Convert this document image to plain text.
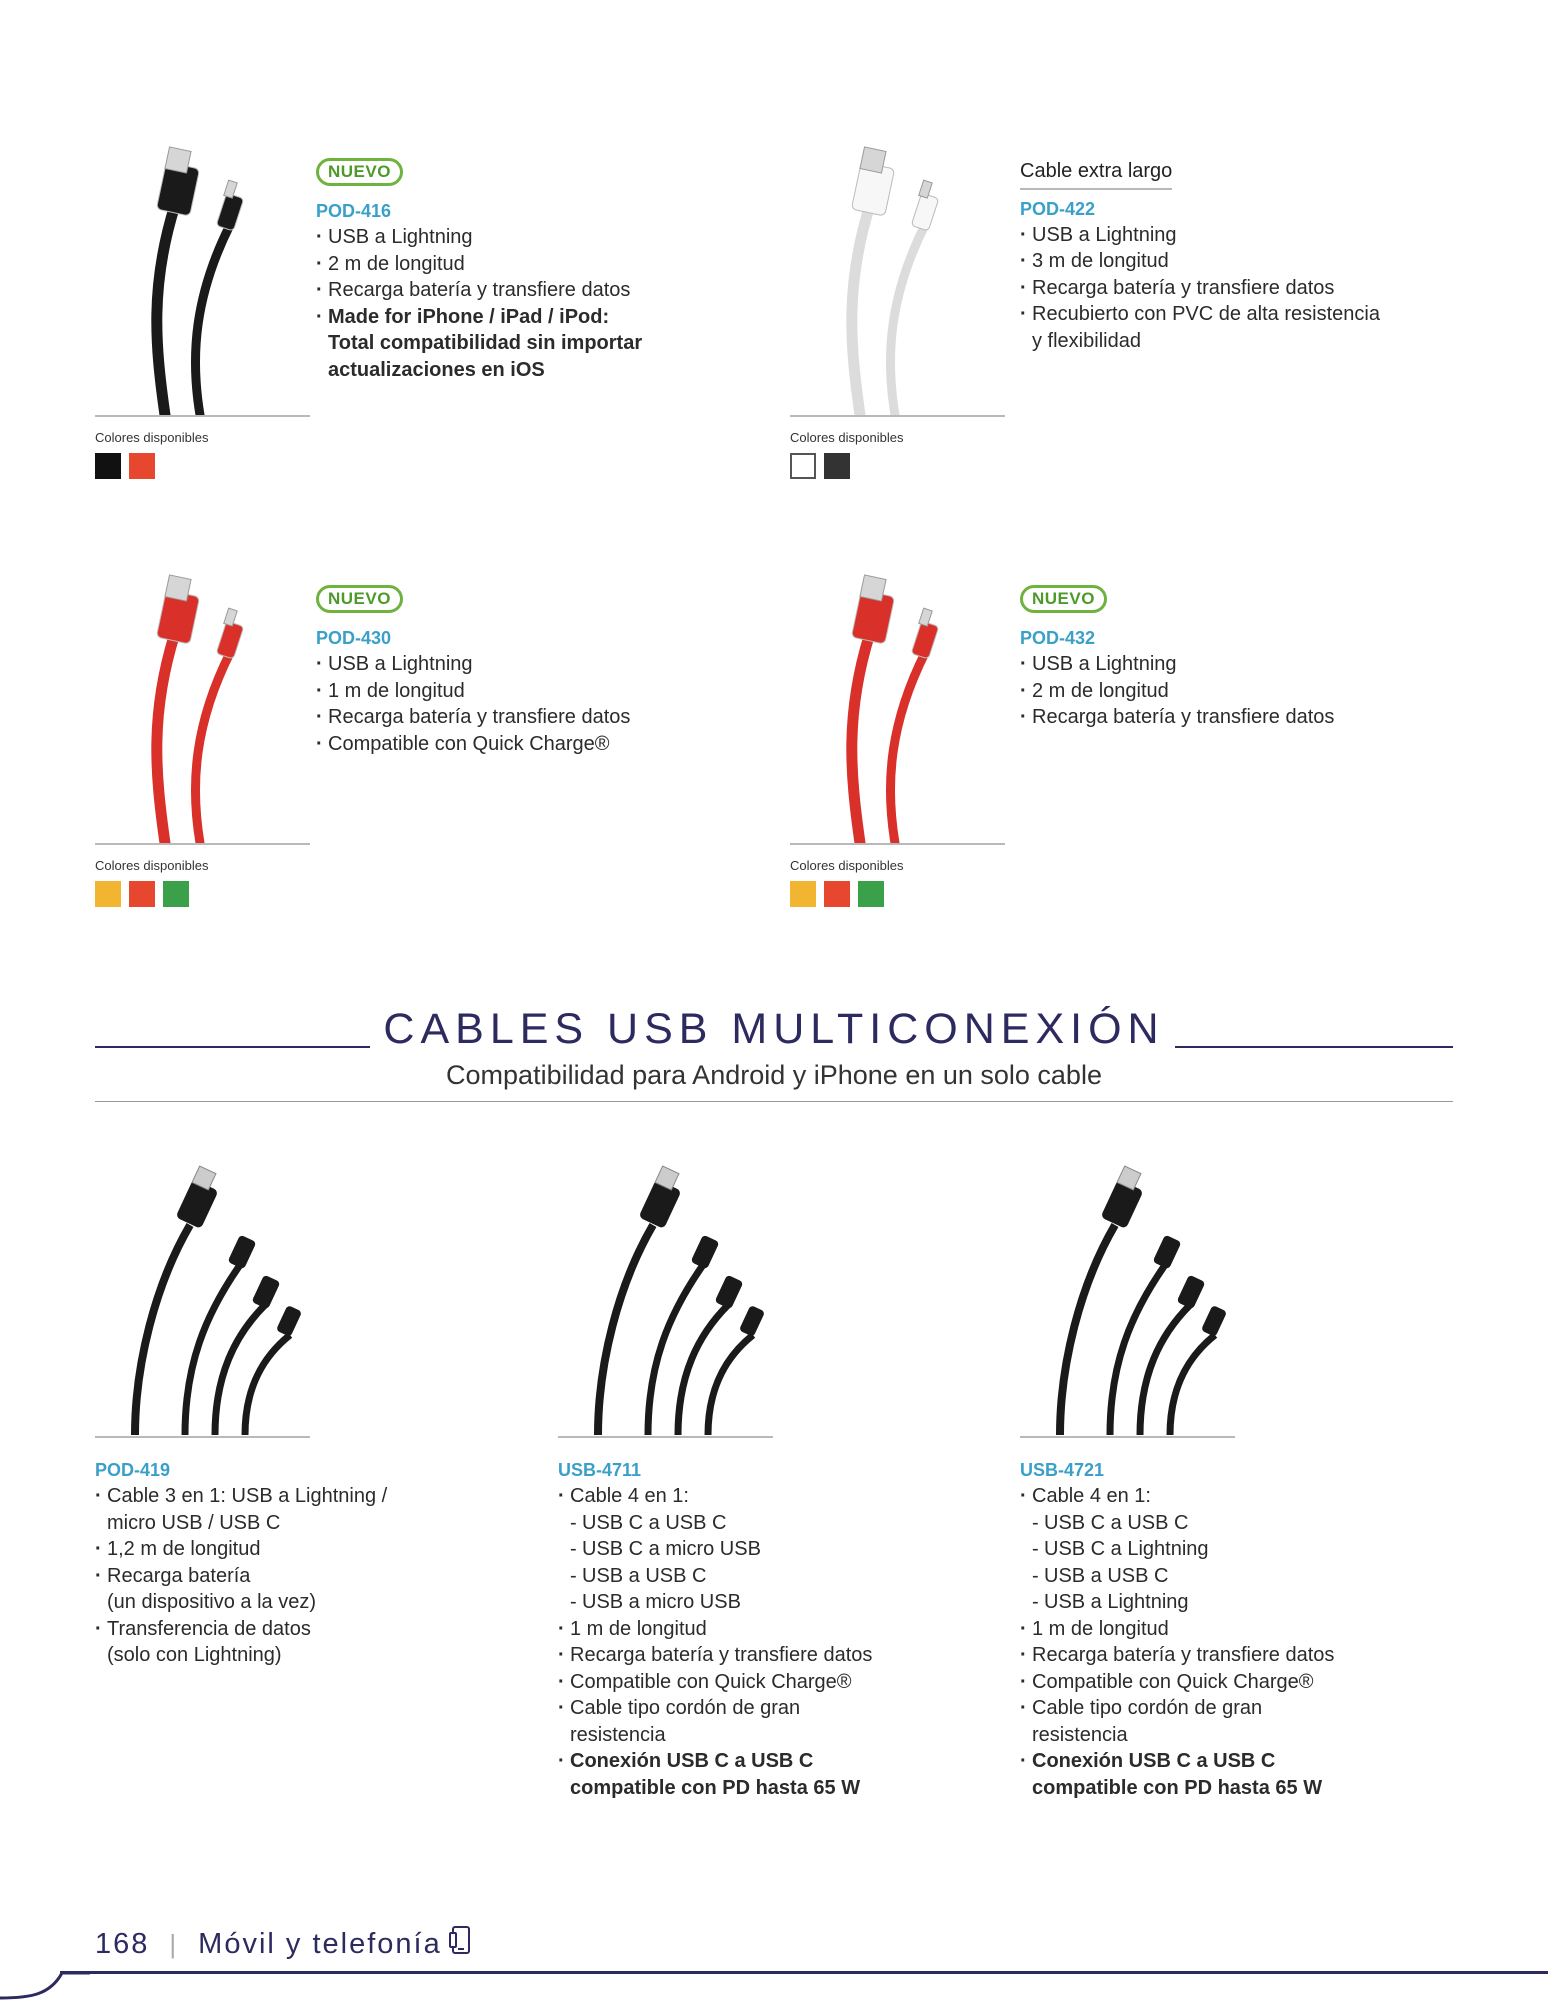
Colores disponibles
NUEVO
POD-416
· USB a Lightning
· 2 m de longitud
· Recarga batería y transfiere datos
· Made for iPhone / iPad / iPod:
Total compatibilidad sin importar
actualizaciones en iOS
Colores disponibles
Cable extra largo
POD-422
· USB a Lightning
· 3 m de longitud
· Recarga batería y transfiere datos
· Recubierto con PVC de alta resistencia
y flexibilidad
Colores disponibles
NUEVO
POD-430
· USB a Lightning
· 1 m de longitud
· Recarga batería y transfiere datos
· Compatible con Quick Charge®
Colores disponibles
NUEVO
POD-432
· USB a Lightning
· 2 m de longitud
· Recarga batería y transfiere datos
CABLES USB MULTICONEXIÓN
Compatibilidad para Android y iPhone en un solo cable
POD-419
· Cable 3 en 1: USB a Lightning /
micro USB / USB C
· 1,2 m de longitud
· Recarga batería
(un dispositivo a la vez)
· Transferencia de datos
(solo con Lightning)
USB-4711
· Cable 4 en 1:
- USB C a USB C
- USB C a micro USB
- USB a USB C
- USB a micro USB
· 1 m de longitud
· Recarga batería y transfiere datos
· Compatible con Quick Charge®
· Cable tipo cordón de gran
resistencia
· Conexión USB C a USB C
compatible con PD hasta 65 W
USB-4721
· Cable 4 en 1:
- USB C a USB C
- USB C a Lightning
- USB a USB C
- USB a Lightning
· 1 m de longitud
· Recarga batería y transfiere datos
· Compatible con Quick Charge®
· Cable tipo cordón de gran
resistencia
· Conexión USB C a USB C
compatible con PD hasta 65 W
168 | Móvil y telefonía
